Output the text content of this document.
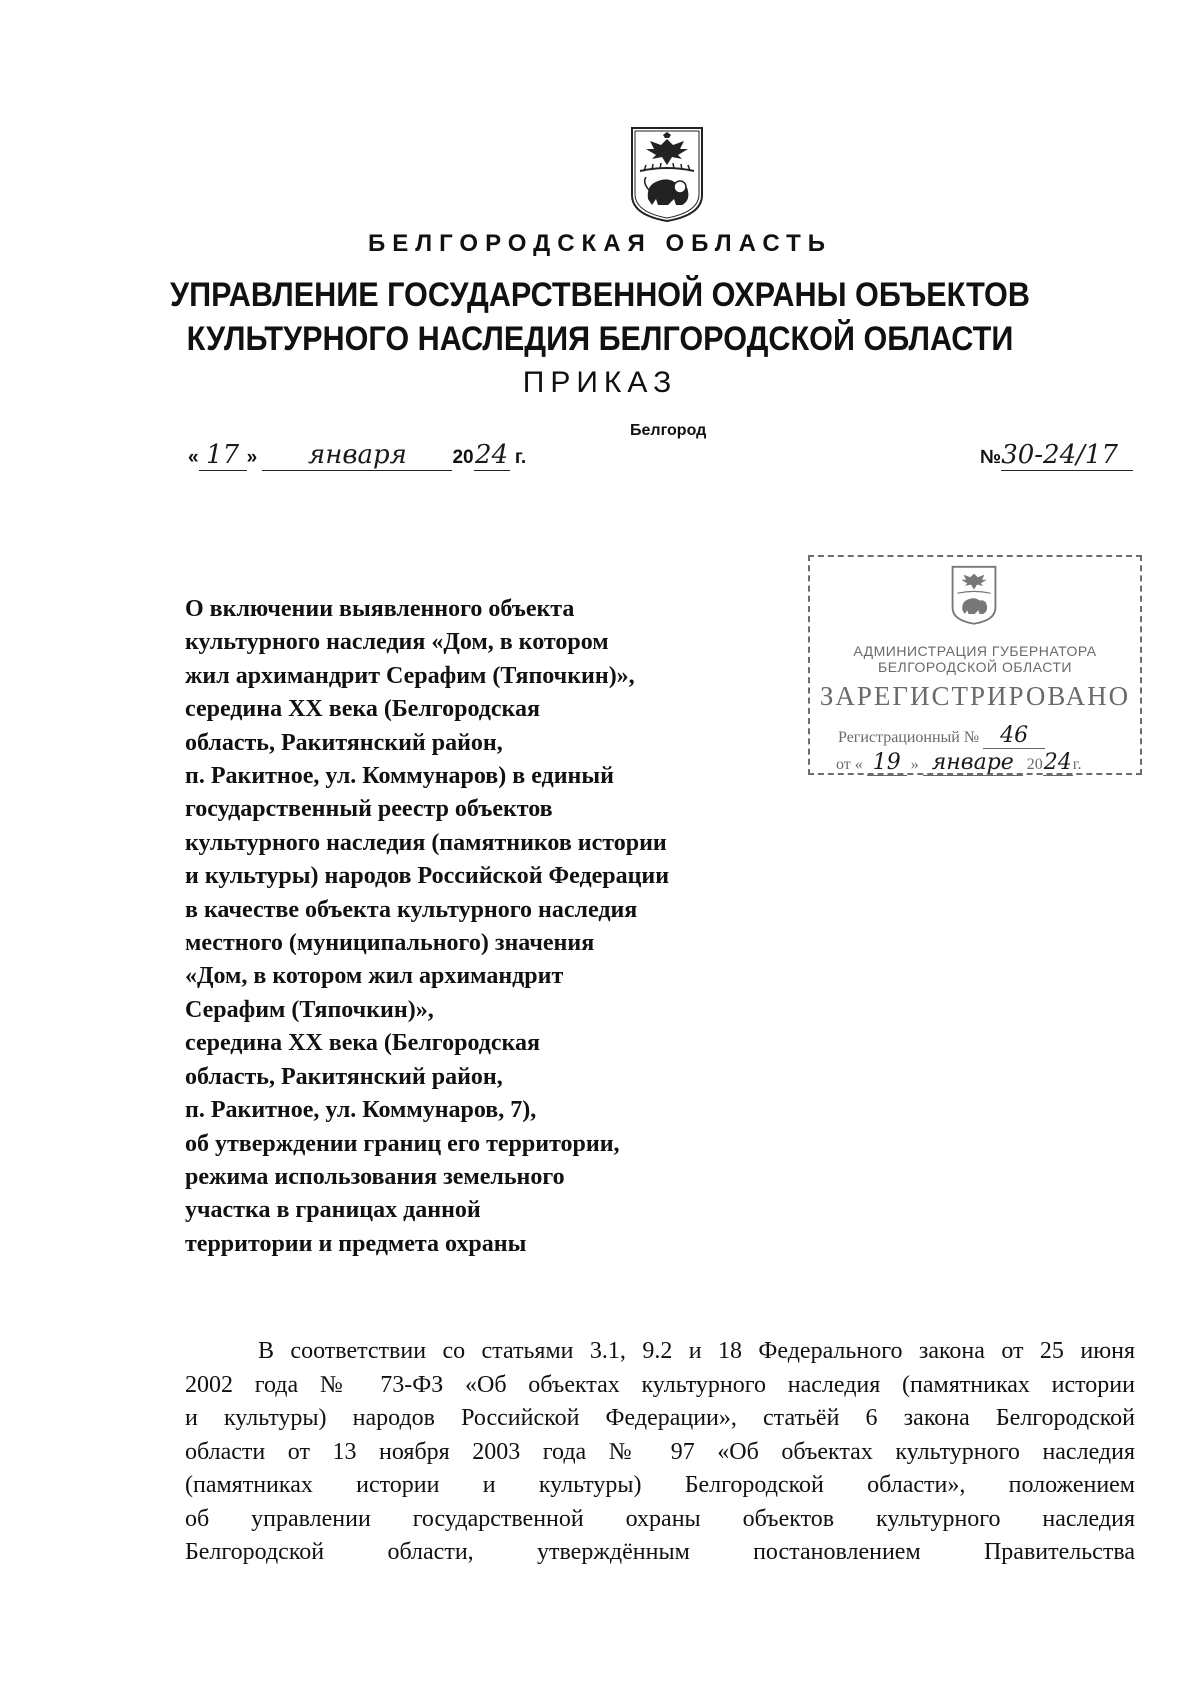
БЕЛГОРОДСКАЯ ОБЛАСТЬ
УПРАВЛЕНИЕ ГОСУДАРСТВЕННОЙ ОХРАНЫ ОБЪЕКТОВ
КУЛЬТУРНОГО НАСЛЕДИЯ БЕЛГОРОДСКОЙ ОБЛАСТИ
ПРИКАЗ
Белгород
« 17 » января 2024 г.	№30-24/17
АДМИНИСТРАЦИЯ ГУБЕРНАТОРА
БЕЛГОРОДСКОЙ ОБЛАСТИ
ЗАРЕГИСТРИРОВАНО
Регистрационный № 46
от « 19 » январе 2024г.
О включении выявленного объекта
культурного наследия «Дом, в котором
жил архимандрит Серафим (Тяпочкин)»,
середина XX века (Белгородская
область, Ракитянский район,
п. Ракитное, ул. Коммунаров) в единый
государственный реестр объектов
культурного наследия (памятников истории
и культуры) народов Российской Федерации
в качестве объекта культурного наследия
местного (муниципального) значения
«Дом, в котором жил архимандрит
Серафим (Тяпочкин)»,
середина XX века (Белгородская
область, Ракитянский район,
п. Ракитное, ул. Коммунаров, 7),
об утверждении границ его территории,
режима использования земельного
участка в границах данной
территории и предмета охраны
В соответствии со статьями 3.1, 9.2 и 18 Федерального закона от 25 июня
2002 года № 73-ФЗ «Об объектах культурного наследия (памятниках истории
и культуры) народов Российской Федерации», статьёй 6 закона Белгородской
области от 13 ноября 2003 года № 97 «Об объектах культурного наследия
(памятниках истории и культуры) Белгородской области», положением
об управлении государственной охраны объектов культурного наследия
Белгородской области, утверждённым постановлением Правительства
